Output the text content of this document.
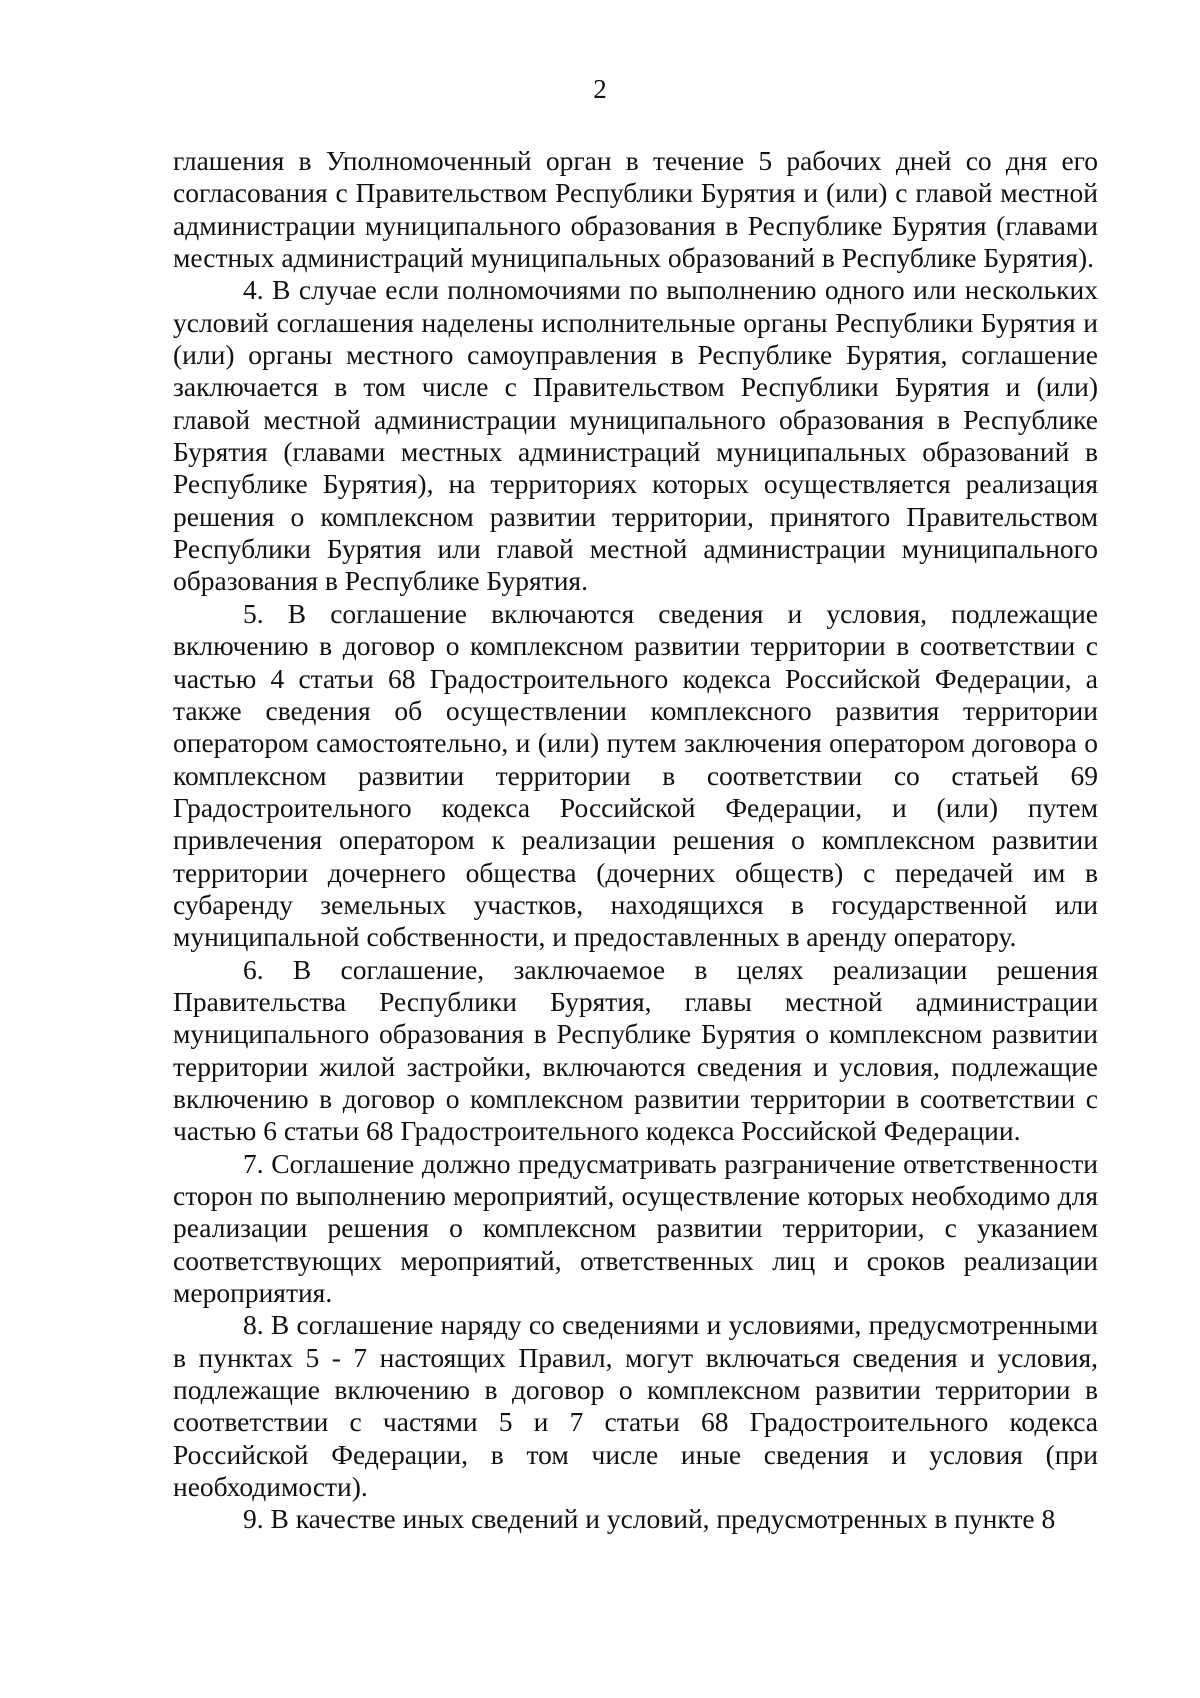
2

глашения в Уполномоченный орган в течение 5 рабочих дней со дня его согласования с Правительством Республики Бурятия и (или) с главой местной администрации муниципального образования в Республике Бурятия (главами местных администраций муниципальных образований в Республике Бурятия).

4. В случае если полномочиями по выполнению одного или нескольких условий соглашения наделены исполнительные органы Республики Бурятия и (или) органы местного самоуправления в Республике Бурятия, соглашение заключается в том числе с Правительством Республики Бурятия и (или) главой местной администрации муниципального образования в Республике Бурятия (главами местных администраций муниципальных образований в Республике Бурятия), на территориях которых осуществляется реализация решения о комплексном развитии территории, принятого Правительством Республики Бурятия или главой местной администрации муниципального образования в Республике Бурятия.

5. В соглашение включаются сведения и условия, подлежащие включению в договор о комплексном развитии территории в соответствии с частью 4 статьи 68 Градостроительного кодекса Российской Федерации, а также сведения об осуществлении комплексного развития территории оператором самостоятельно, и (или) путем заключения оператором договора о комплексном развитии территории в соответствии со статьей 69 Градостроительного кодекса Российской Федерации, и (или) путем привлечения оператором к реализации решения о комплексном развитии территории дочернего общества (дочерних обществ) с передачей им в субаренду земельных участков, находящихся в государственной или муниципальной собственности, и предоставленных в аренду оператору.

6. В соглашение, заключаемое в целях реализации решения Правительства Республики Бурятия, главы местной администрации муниципального образования в Республике Бурятия о комплексном развитии территории жилой застройки, включаются сведения и условия, подлежащие включению в договор о комплексном развитии территории в соответствии с частью 6 статьи 68 Градостроительного кодекса Российской Федерации.

7. Соглашение должно предусматривать разграничение ответственности сторон по выполнению мероприятий, осуществление которых необходимо для реализации решения о комплексном развитии территории, с указанием соответствующих мероприятий, ответственных лиц и сроков реализации мероприятия.

8. В соглашение наряду со сведениями и условиями, предусмотренными в пунктах 5 - 7 настоящих Правил, могут включаться сведения и условия, подлежащие включению в договор о комплексном развитии территории в соответствии с частями 5 и 7 статьи 68 Градостроительного кодекса Российской Федерации, в том числе иные сведения и условия (при необходимости).

9. В качестве иных сведений и условий, предусмотренных в пункте 8
